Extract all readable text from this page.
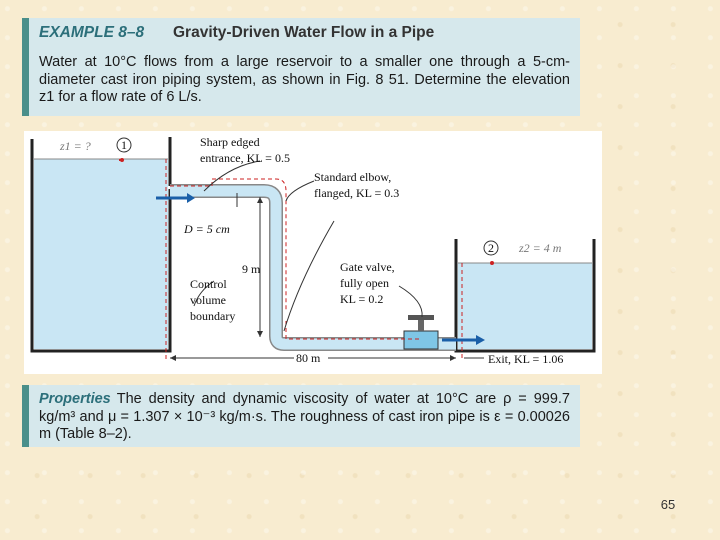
EXAMPLE 8–8	Gravity-Driven Water Flow in a Pipe
Water at 10°C flows from a large reservoir to a smaller one through a 5-cm-diameter cast iron piping system, as shown in Fig. 8 51. Determine the elevation z1 for a flow rate of 6 L/s.
z1 = ?	1	Sharp edged
entrance, KL = 0.5
Standard elbow,
flanged, KL = 0.3
D = 5 cm
9 m	Gate valve,
fully open
KL = 0.2
Control
volume
boundary
2 z2 = 4 m
80 m	Exit, KL = 1.06
Properties The density and dynamic viscosity of water at 10°C are ρ = 999.7 kg/m³ and μ = 1.307 × 10⁻³ kg/m·s. The roughness of cast iron pipe is ε = 0.00026 m (Table 8–2).
65
